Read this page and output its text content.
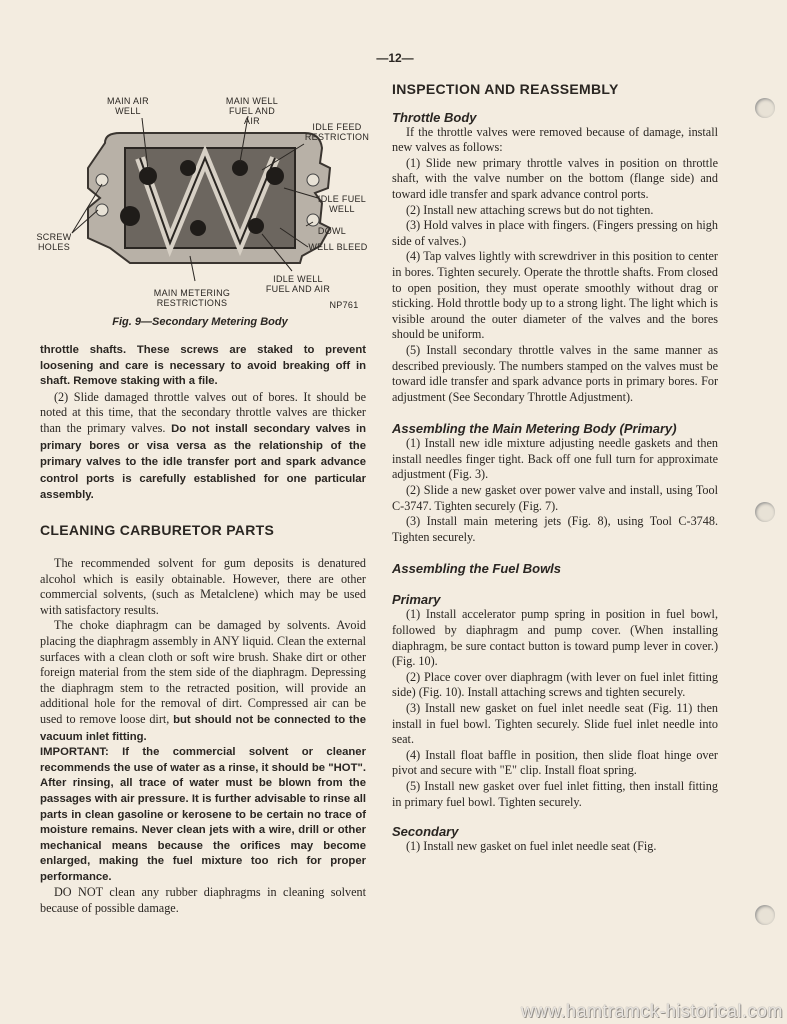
—12—
MAIN AIR WELL
MAIN WELL FUEL AND AIR
IDLE FEED RESTRICTION
SCREW HOLES
IDLE FUEL WELL
DOWL
WELL BLEED
IDLE WELL FUEL AND AIR
MAIN METERING RESTRICTIONS	NP761
Fig. 9—Secondary Metering Body

throttle shafts. These screws are staked to prevent loosening and care is necessary to avoid breaking off in shaft. Remove staking with a file.

(2) Slide damaged throttle valves out of bores. It should be noted at this time, that the secondary throttle valves are thicker than the primary valves. Do not install secondary valves in primary bores or visa versa as the relationship of the primary valves to the idle transfer port and spark advance control ports is carefully established for one particular assembly.

CLEANING CARBURETOR PARTS

The recommended solvent for gum deposits is denatured alcohol which is easily obtainable. However, there are other commercial solvents, (such as Metalclene) which may be used with satisfactory results.

The choke diaphragm can be damaged by solvents. Avoid placing the diaphragm assembly in ANY liquid. Clean the external surfaces with a clean cloth or soft wire brush. Shake dirt or other foreign material from the stem side of the diaphragm. Depressing the diaphragm stem to the retracted position, will provide an additional hole for the removal of dirt. Compressed air can be used to remove loose dirt, but should not be connected to the vacuum inlet fitting.

IMPORTANT: If the commercial solvent or cleaner recommends the use of water as a rinse, it should be "HOT". After rinsing, all trace of water must be blown from the passages with air pressure. It is further advisable to rinse all parts in clean gasoline or kerosene to be certain no trace of moisture remains. Never clean jets with a wire, drill or other mechanical means because the orifices may become enlarged, making the fuel mixture too rich for proper performance.

DO NOT clean any rubber diaphragms in cleaning solvent because of possible damage.

INSPECTION AND REASSEMBLY
Throttle Body

If the throttle valves were removed because of damage, install new valves as follows:

(1) Slide new primary throttle valves in position on throttle shaft, with the valve number on the bottom (flange side) and toward idle transfer and spark advance control ports.

(2) Install new attaching screws but do not tighten.

(3) Hold valves in place with fingers. (Fingers pressing on high side of valves.)

(4) Tap valves lightly with screwdriver in this position to center in bores. Tighten securely. Operate the throttle shafts. From closed to open position, they must operate smoothly without drag or sticking. Hold throttle body up to a strong light. The light which is visible around the outer diameter of the valves and the bores should be uniform.

(5) Install secondary throttle valves in the same manner as described previously. The numbers stamped on the valves must be toward idle transfer and spark advance ports in primary bores. For adjustment (See Secondary Throttle Adjustment).

Assembling the Main Metering Body (Primary)

(1) Install new idle mixture adjusting needle gaskets and then install needles finger tight. Back off one full turn for approximate adjustment (Fig. 3).

(2) Slide a new gasket over power valve and install, using Tool C-3747. Tighten securely (Fig. 7).

(3) Install main metering jets (Fig. 8), using Tool C-3748. Tighten securely.

Assembling the Fuel Bowls
Primary

(1) Install accelerator pump spring in position in fuel bowl, followed by diaphragm and pump cover. (When installing diaphragm, be sure contact button is toward pump lever in cover.) (Fig. 10).

(2) Place cover over diaphragm (with lever on fuel inlet fitting side) (Fig. 10). Install attaching screws and tighten securely.

(3) Install new gasket on fuel inlet needle seat (Fig. 11) then install in fuel bowl. Tighten securely. Slide fuel inlet needle into seat.

(4) Install float baffle in position, then slide float hinge over pivot and secure with "E" clip. Install float spring.

(5) Install new gasket over fuel inlet fitting, then install fitting in primary fuel bowl. Tighten securely.

Secondary

(1) Install new gasket on fuel inlet needle seat (Fig.

www.hamtramck-historical.com
